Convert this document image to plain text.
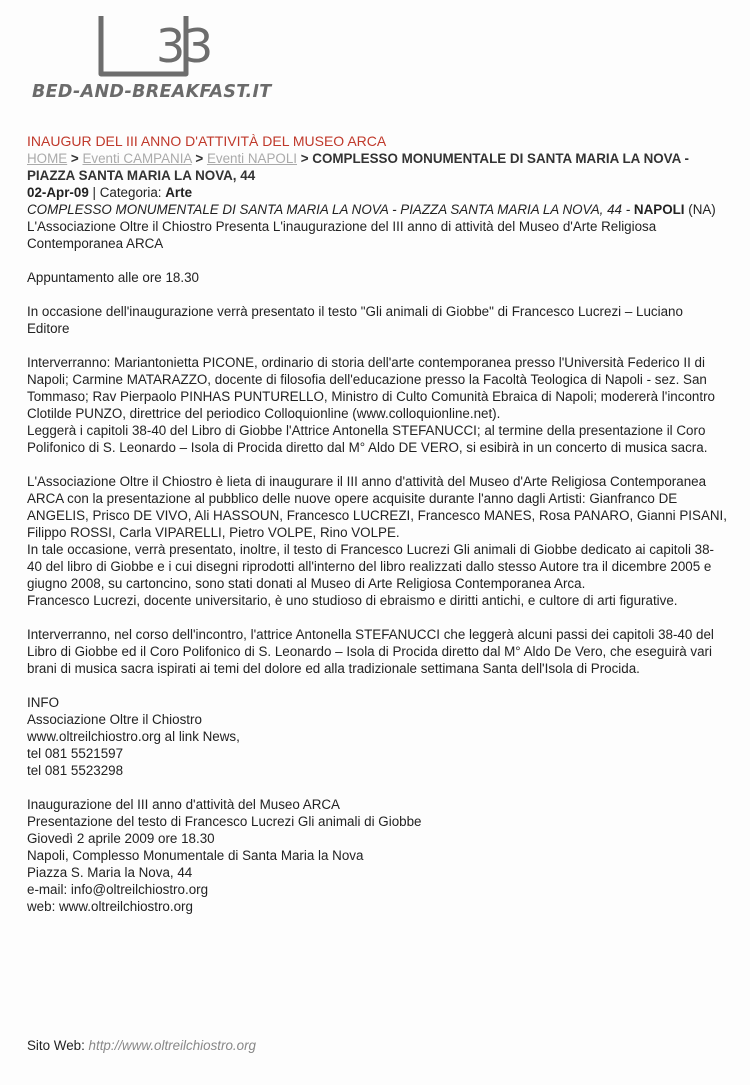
3
3
BED-AND-BREAKFAST.IT
INAUGUR DEL III ANNO D'ATTIVITÀ DEL MUSEO ARCA
HOME > Eventi CAMPANIA > Eventi NAPOLI > COMPLESSO MONUMENTALE DI SANTA MARIA LA NOVA - PIAZZA SANTA MARIA LA NOVA, 44
02-Apr-09 | Categoria: Arte
COMPLESSO MONUMENTALE DI SANTA MARIA LA NOVA - PIAZZA SANTA MARIA LA NOVA, 44 - NAPOLI (NA)

L'Associazione Oltre il Chiostro Presenta L'inaugurazione del III anno di attività del Museo d'Arte Religiosa Contemporanea ARCA

Appuntamento alle ore 18.30

In occasione dell'inaugurazione verrà presentato il testo "Gli animali di Giobbe" di Francesco Lucrezi – Luciano Editore

Interverranno: Mariantonietta PICONE, ordinario di storia dell'arte contemporanea presso l'Università Federico II di Napoli; Carmine MATARAZZO, docente di filosofia dell'educazione presso la Facoltà Teologica di Napoli - sez. San Tommaso; Rav Pierpaolo PINHAS PUNTURELLO, Ministro di Culto Comunità Ebraica di Napoli; modererà l'incontro Clotilde PUNZO, direttrice del periodico Colloquionline (www.colloquionline.net).

Leggerà i capitoli 38-40 del Libro di Giobbe l'Attrice Antonella STEFANUCCI; al termine della presentazione il Coro Polifonico di S. Leonardo – Isola di Procida diretto dal M° Aldo DE VERO, si esibirà in un concerto di musica sacra.

L'Associazione Oltre il Chiostro è lieta di inaugurare il III anno d'attività del Museo d'Arte Religiosa Contemporanea ARCA con la presentazione al pubblico delle nuove opere acquisite durante l'anno dagli Artisti: Gianfranco DE ANGELIS, Prisco DE VIVO, Ali HASSOUN, Francesco LUCREZI, Francesco MANES, Rosa PANARO, Gianni PISANI, Filippo ROSSI, Carla VIPARELLI, Pietro VOLPE, Rino VOLPE.

In tale occasione, verrà presentato, inoltre, il testo di Francesco Lucrezi Gli animali di Giobbe dedicato ai capitoli 38-40 del libro di Giobbe e i cui disegni riprodotti all'interno del libro realizzati dallo stesso Autore tra il dicembre 2005 e giugno 2008, su cartoncino, sono stati donati al Museo di Arte Religiosa Contemporanea Arca.

Francesco Lucrezi, docente universitario, è uno studioso di ebraismo e diritti antichi, e cultore di arti figurative.

Interverranno, nel corso dell'incontro, l'attrice Antonella STEFANUCCI che leggerà alcuni passi dei capitoli 38-40 del Libro di Giobbe ed il Coro Polifonico di S. Leonardo – Isola di Procida diretto dal M° Aldo De Vero, che eseguirà vari brani di musica sacra ispirati ai temi del dolore ed alla tradizionale settimana Santa dell'Isola di Procida.

INFO

Associazione Oltre il Chiostro

www.oltreilchiostro.org al link News,

tel 081 5521597

tel 081 5523298

Inaugurazione del III anno d'attività del Museo ARCA

Presentazione del testo di Francesco Lucrezi Gli animali di Giobbe

Giovedì 2 aprile 2009 ore 18.30

Napoli, Complesso Monumentale di Santa Maria la Nova

Piazza S. Maria la Nova, 44

e-mail: info@oltreilchiostro.org

web: www.oltreilchiostro.org

Sito Web: http://www.oltreilchiostro.org
